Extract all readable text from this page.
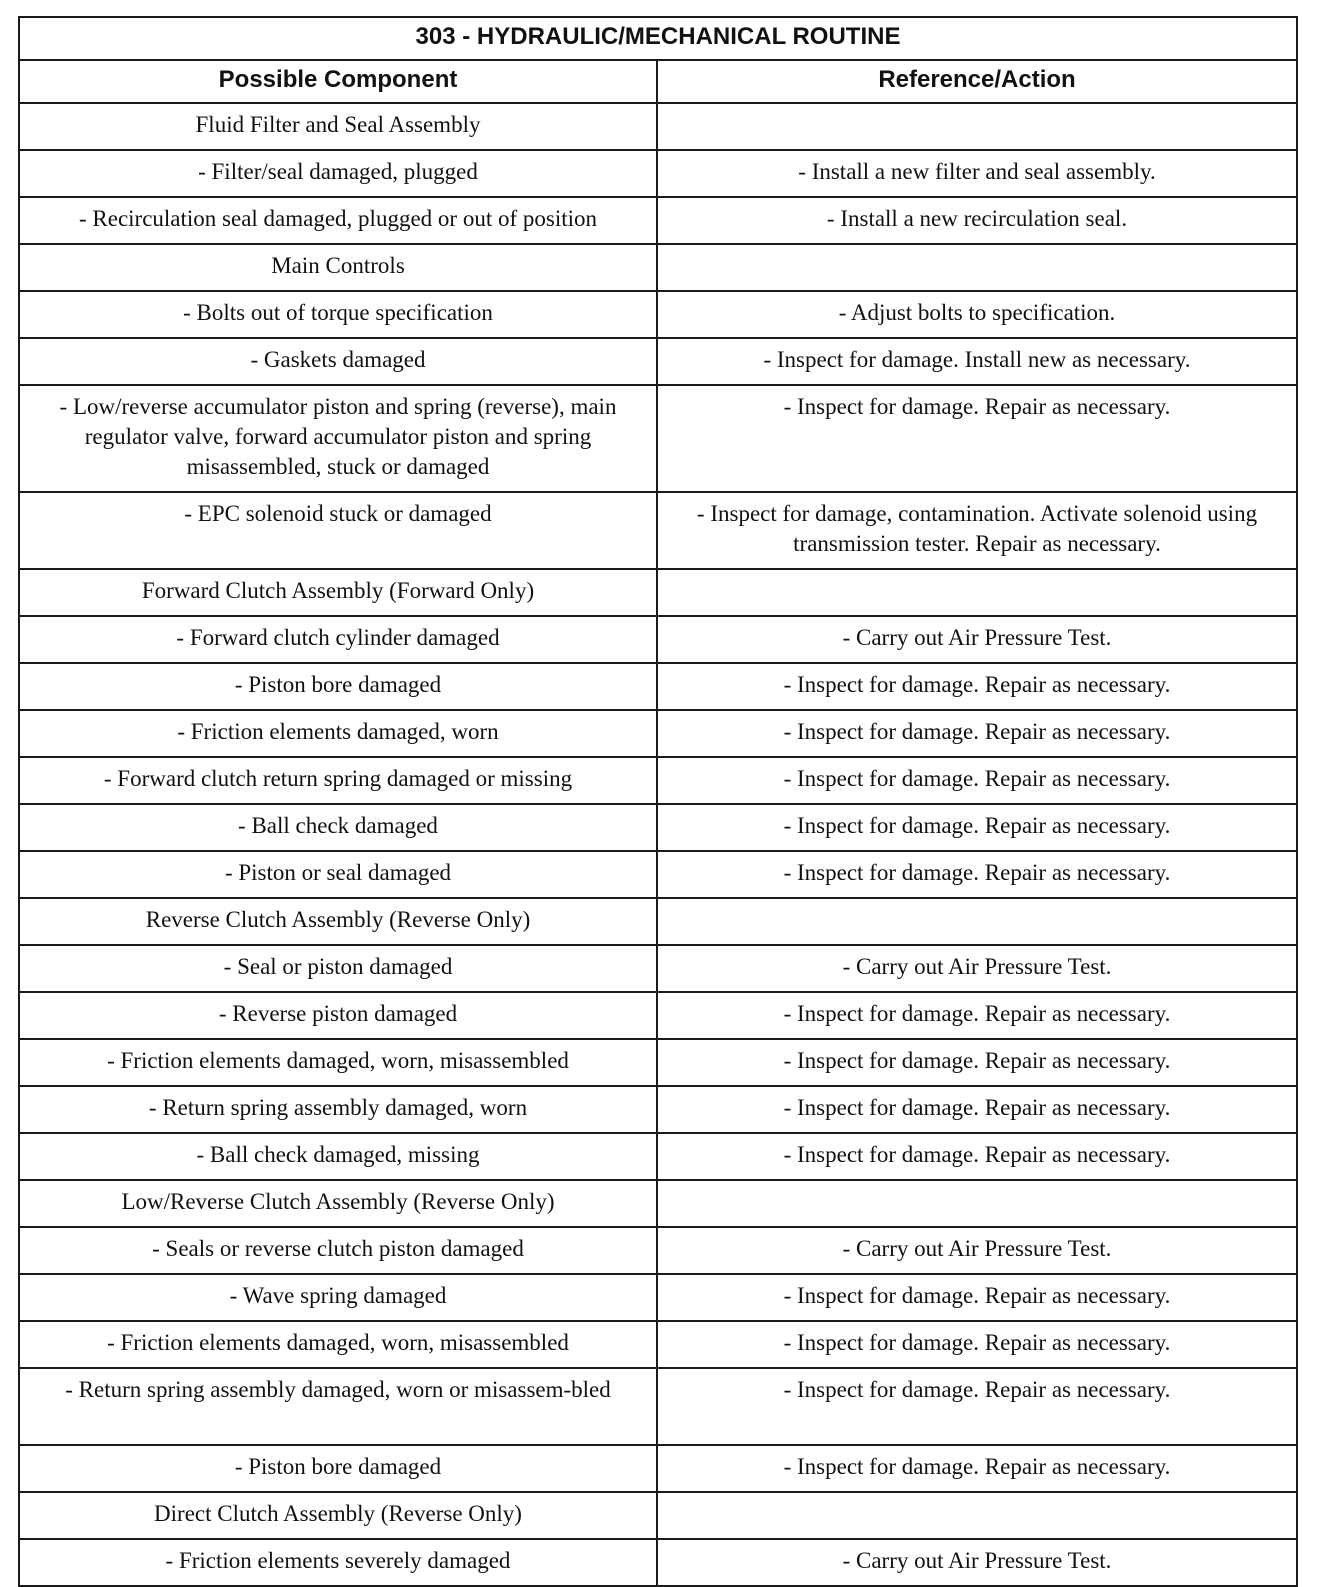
303 - HYDRAULIC/MECHANICAL ROUTINE	
Possible Component	Reference/Action
Fluid Filter and Seal Assembly	
- Filter/seal damaged, plugged	- Install a new filter and seal assembly.
- Recirculation seal damaged, plugged or out of position	- Install a new recirculation seal.
Main Controls	
- Bolts out of torque specification	- Adjust bolts to specification.
- Gaskets damaged	- Inspect for damage. Install new as necessary.
- Low/reverse accumulator piston and spring (reverse), main regulator valve, forward accumulator piston and spring misassembled, stuck or damaged	- Inspect for damage. Repair as necessary.
- EPC solenoid stuck or damaged	- Inspect for damage, contamination. Activate solenoid using transmission tester. Repair as necessary.
Forward Clutch Assembly (Forward Only)	
- Forward clutch cylinder damaged	- Carry out Air Pressure Test.
- Piston bore damaged	- Inspect for damage. Repair as necessary.
- Friction elements damaged, worn	- Inspect for damage. Repair as necessary.
- Forward clutch return spring damaged or missing	- Inspect for damage. Repair as necessary.
- Ball check damaged	- Inspect for damage. Repair as necessary.
- Piston or seal damaged	- Inspect for damage. Repair as necessary.
Reverse Clutch Assembly (Reverse Only)	
- Seal or piston damaged	- Carry out Air Pressure Test.
- Reverse piston damaged	- Inspect for damage. Repair as necessary.
- Friction elements damaged, worn, misassembled	- Inspect for damage. Repair as necessary.
- Return spring assembly damaged, worn	- Inspect for damage. Repair as necessary.
- Ball check damaged, missing	- Inspect for damage. Repair as necessary.
Low/Reverse Clutch Assembly (Reverse Only)	
- Seals or reverse clutch piston damaged	- Carry out Air Pressure Test.
- Wave spring damaged	- Inspect for damage. Repair as necessary.
- Friction elements damaged, worn, misassembled	- Inspect for damage. Repair as necessary.
- Return spring assembly damaged, worn or misassem-bled	- Inspect for damage. Repair as necessary.
- Piston bore damaged	- Inspect for damage. Repair as necessary.
Direct Clutch Assembly (Reverse Only)	
- Friction elements severely damaged	- Carry out Air Pressure Test.
